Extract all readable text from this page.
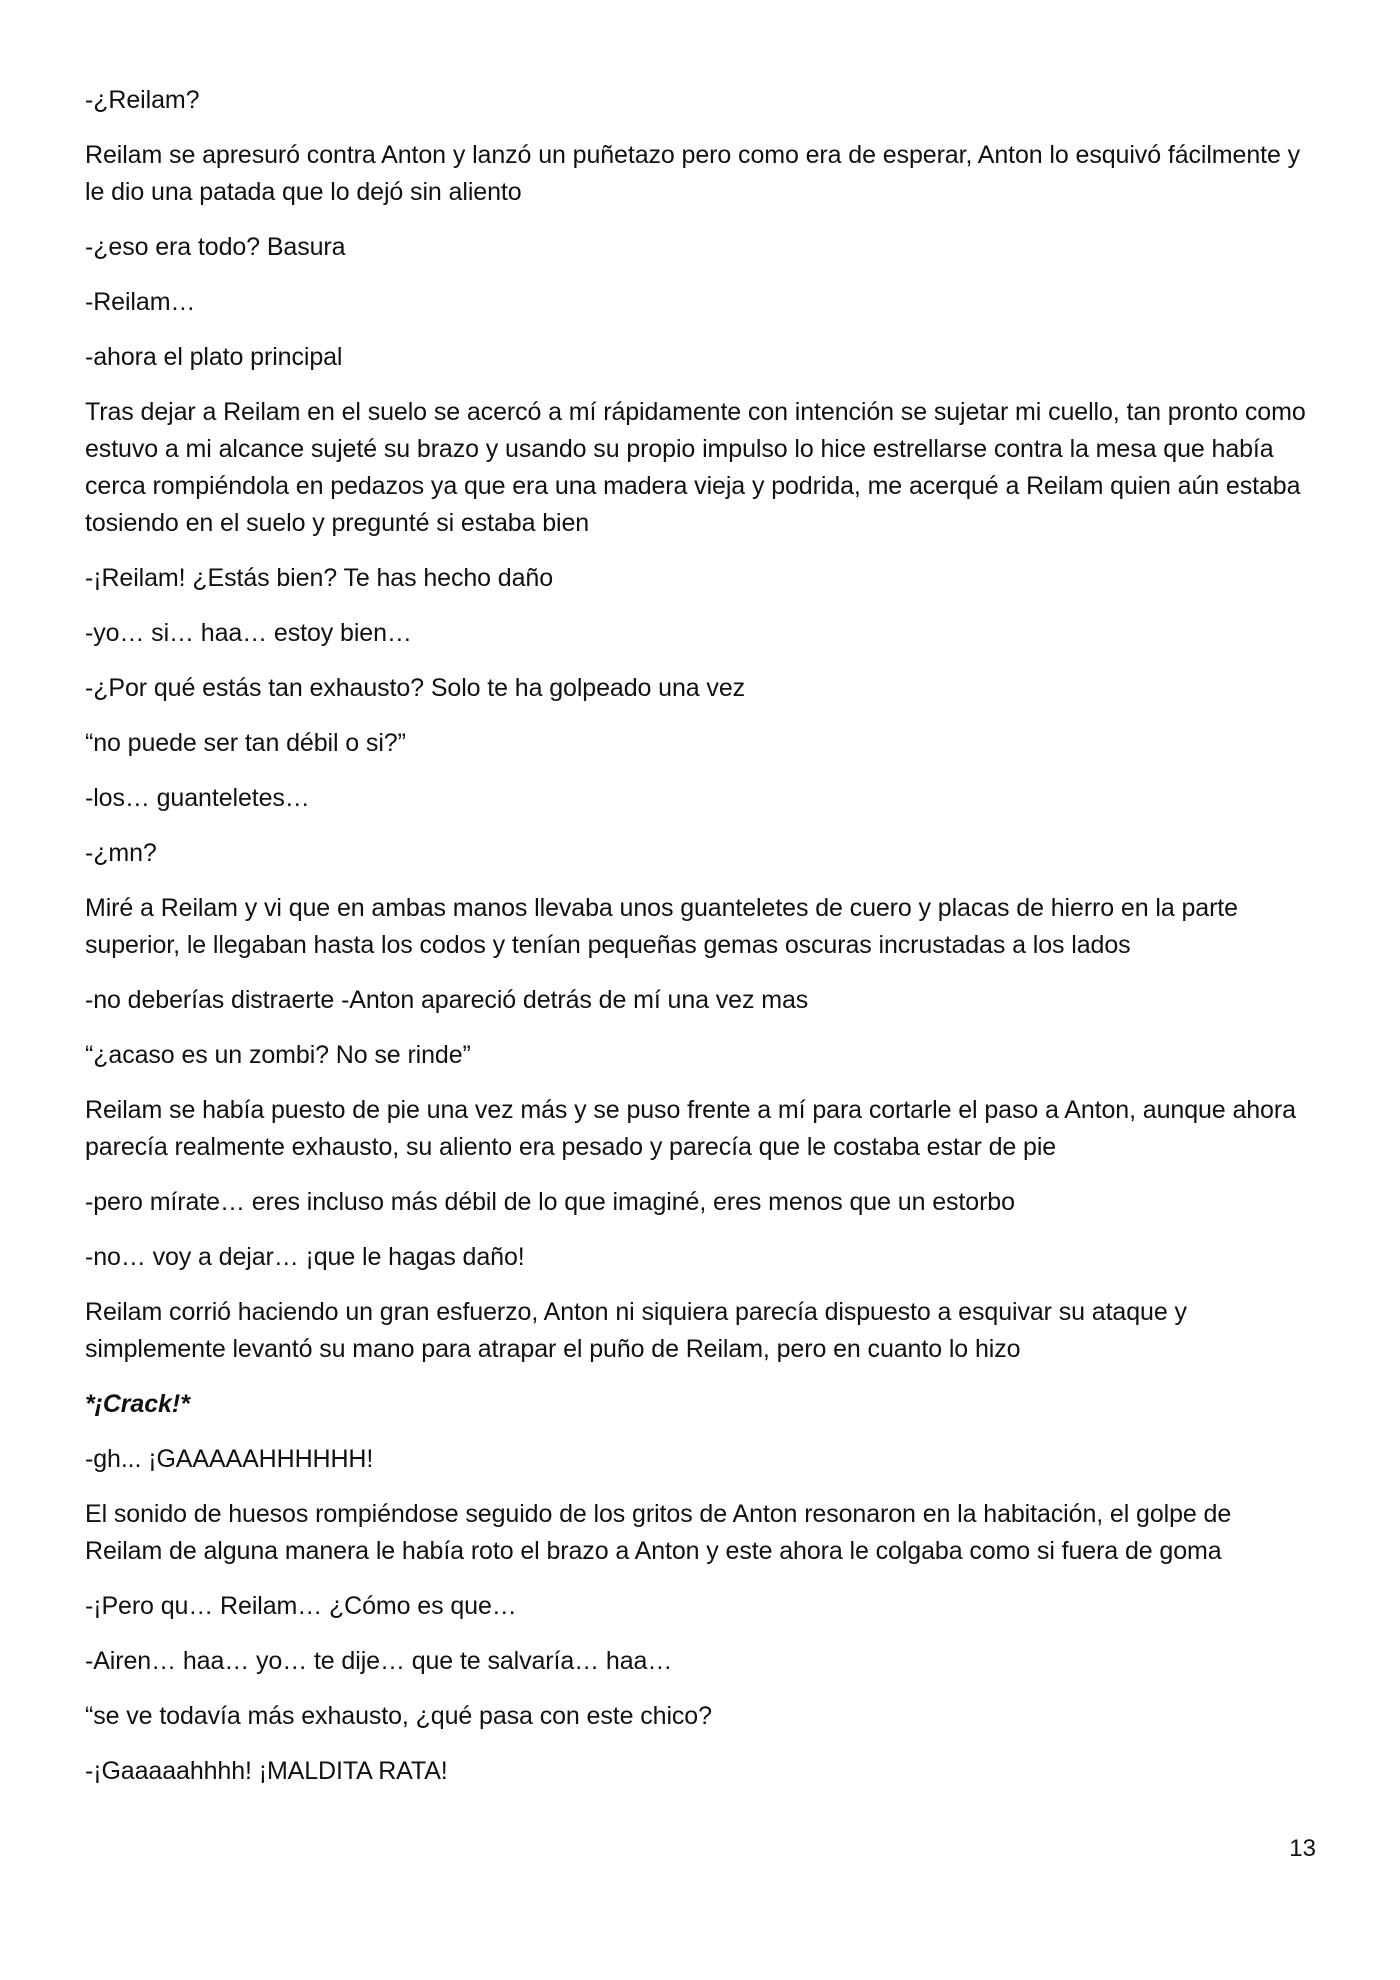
-¿Reilam?

Reilam se apresuró contra Anton y lanzó un puñetazo pero como era de esperar, Anton lo esquivó fácilmente y le dio una patada que lo dejó sin aliento

-¿eso era todo? Basura

-Reilam…

-ahora el plato principal

Tras dejar a Reilam en el suelo se acercó a mí rápidamente con intención se sujetar mi cuello, tan pronto como estuvo a mi alcance sujeté su brazo y usando su propio impulso lo hice estrellarse contra la mesa que había cerca rompiéndola en pedazos ya que era una madera vieja y podrida, me acerqué a Reilam quien aún estaba tosiendo en el suelo y pregunté si estaba bien

-¡Reilam! ¿Estás bien? Te has hecho daño

-yo… si… haa… estoy bien…

-¿Por qué estás tan exhausto? Solo te ha golpeado una vez

“no puede ser tan débil o si?”

-los… guanteletes…

-¿mn?

Miré a Reilam y vi que en ambas manos llevaba unos guanteletes de cuero y placas de hierro en la parte superior, le llegaban hasta los codos y tenían pequeñas gemas oscuras incrustadas a los lados

-no deberías distraerte -Anton apareció detrás de mí una vez mas

“¿acaso es un zombi? No se rinde”

Reilam se había puesto de pie una vez más y se puso frente a mí para cortarle el paso a Anton, aunque ahora parecía realmente exhausto, su aliento era pesado y parecía que le costaba estar de pie

-pero mírate… eres incluso más débil de lo que imaginé, eres menos que un estorbo

-no… voy a dejar… ¡que le hagas daño!

Reilam corrió haciendo un gran esfuerzo, Anton ni siquiera parecía dispuesto a esquivar su ataque y simplemente levantó su mano para atrapar el puño de Reilam, pero en cuanto lo hizo

*¡Crack!*

-gh... ¡GAAAAAHHHHHH!

El sonido de huesos rompiéndose seguido de los gritos de Anton resonaron en la habitación, el golpe de Reilam de alguna manera le había roto el brazo a Anton y este ahora le colgaba como si fuera de goma

-¡Pero qu… Reilam… ¿Cómo es que…

-Airen… haa… yo… te dije… que te salvaría… haa…

“se ve todavía más exhausto, ¿qué pasa con este chico?

-¡Gaaaaahhhh! ¡MALDITA RATA!

13
